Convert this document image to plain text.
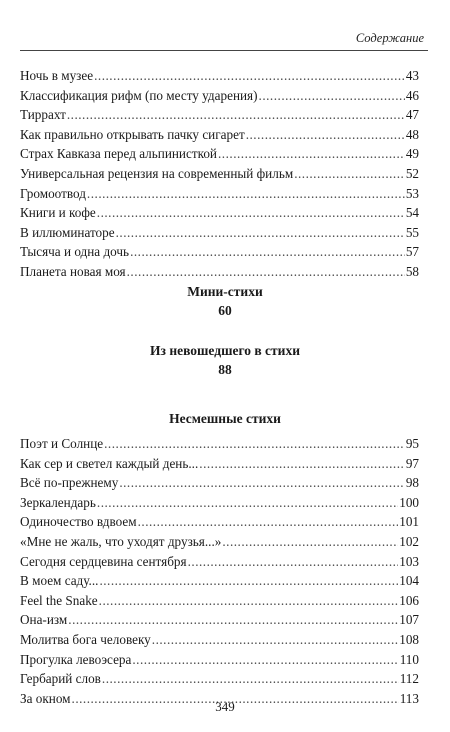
Содержание
Ночь в музее .....	43
Классификация рифм (по месту ударения) .....	46
Тиррахт .....	47
Как правильно открывать пачку сигарет .....	48
Страх Кавказа перед альпинисткой .....	49
Универсальная рецензия на современный фильм .....	52
Громоотвод .....	53
Книги и кофе .....	54
В иллюминаторе .....	55
Тысяча и одна дочь .....	57
Планета новая моя .....	58
Мини-стихи
60
Из невошедшего в стихи
88
Несмешные стихи
Поэт и Солнце .....	95
Как сер и светел каждый день... .....	97
Всё по-прежнему .....	98
Зеркалендарь .....	100
Одиночество вдвоем .....	101
«Мне не жаль, что уходят друзья...» .....	102
Сегодня сердцевина сентября .....	103
В моем саду... .....	104
Feel the Snake .....	106
Она-изм .....	107
Молитва бога человеку .....	108
Прогулка левоэсера .....	110
Гербарий слов .....	112
За окном .....	113
349
